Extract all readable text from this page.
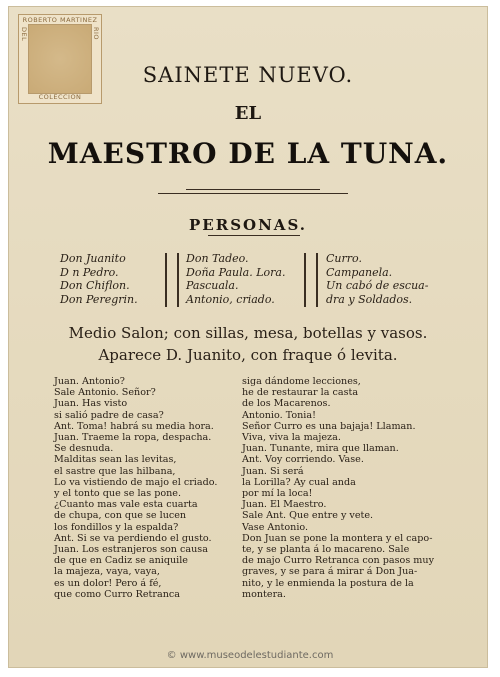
ROBERTO MARTINEZ
DEL	RIO
COLECCION
SAINETE NUEVO.
EL
MAESTRO DE LA TUNA.
PERSONAS.
Don Juanito
D n Pedro.
Don Chiflon.
Don Peregrin.
Don Tadeo.
Doña Paula. Lora.
Pascuala.
Antonio, criado.
Curro.
Campanela.
Un cabó de escua-
dra y Soldados.
Medio Salon; con sillas, mesa, botellas y vasos.
Aparece D. Juanito, con fraque ó levita.
Juan. Antonio?
Sale Antonio. Señor?
Juan. Has visto
si salió padre de casa?
Ant. Toma! habrá su media hora.
Juan. Traeme la ropa, despacha.
Se desnuda.
Malditas sean las levitas,
el sastre que las hilbana,
Lo va vistiendo de majo el criado.
y el tonto que se las pone.
¿Cuanto mas vale esta cuarta
de chupa, con que se lucen
los fondillos y la espalda?
Ant. Si se va perdiendo el gusto.
Juan. Los estranjeros son causa
de que en Cadiz se aniquile
la majeza, vaya, vaya,
es un dolor! Pero á fé,
que como Curro Retranca
siga dándome lecciones,
he de restaurar la casta
de los Macarenos.
Antonio. Tonia!
Señor Curro es una bajaja! Llaman.
Viva, viva la majeza.
Juan. Tunante, mira que llaman.
Ant. Voy corriendo. Vase.
Juan. Si será
la Lorilla? Ay cual anda
por mí la loca!
Juan. El Maestro.
Sale Ant. Que entre y vete.
Vase Antonio.
Don Juan se pone la montera y el capo-
te, y se planta á lo macareno. Sale
de majo Curro Retranca con pasos muy
graves, y se para á mirar á Don Jua-
nito, y le enmienda la postura de la
montera.
© www.museodelestudiante.com
